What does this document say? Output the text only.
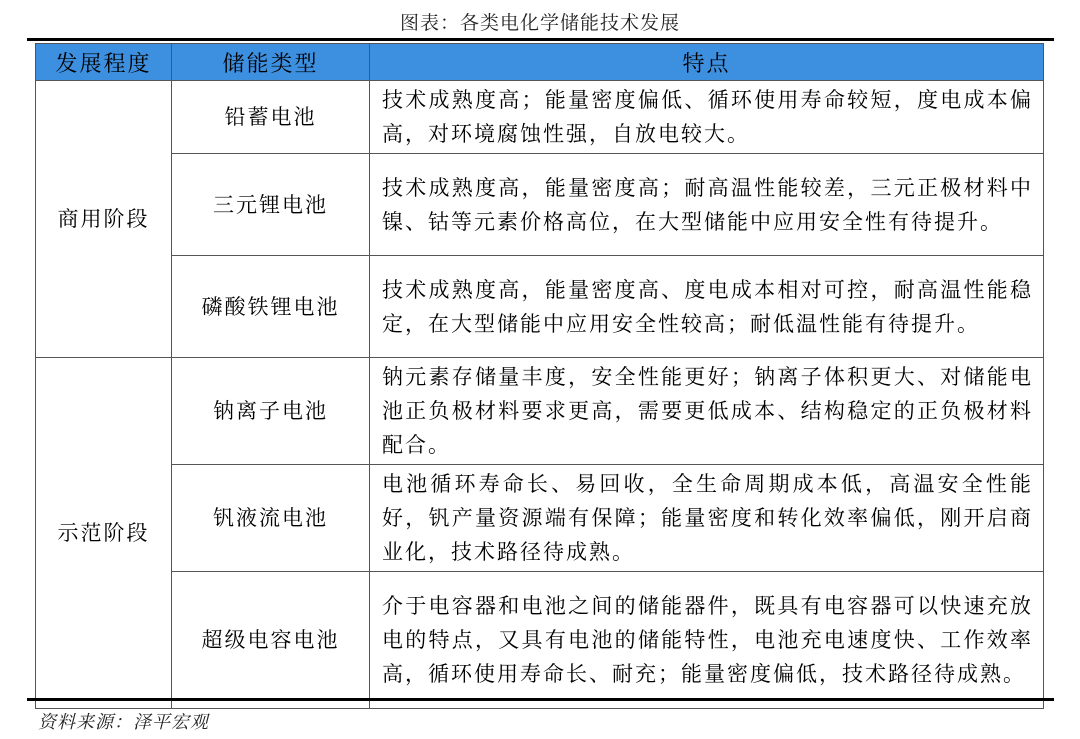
图表：各类电化学储能技术发展
发展程度	储能类型	特点
商用阶段	铅蓄电池	技术成熟度高；能量密度偏低、循环使用寿命较短，度电成本偏高，对环境腐蚀性强，自放电较大。
	三元锂电池	技术成熟度高，能量密度高；耐高温性能较差，三元正极材料中镍、钴等元素价格高位，在大型储能中应用安全性有待提升。
	磷酸铁锂电池	技术成熟度高，能量密度高、度电成本相对可控，耐高温性能稳定，在大型储能中应用安全性较高；耐低温性能有待提升。
示范阶段	钠离子电池	钠元素存储量丰度，安全性能更好；钠离子体积更大、对储能电池正负极材料要求更高，需要更低成本、结构稳定的正负极材料配合。
	钒液流电池	电池循环寿命长、易回收，全生命周期成本低，高温安全性能好，钒产量资源端有保障；能量密度和转化效率偏低，刚开启商业化，技术路径待成熟。
	超级电容电池	介于电容器和电池之间的储能器件，既具有电容器可以快速充放电的特点，又具有电池的储能特性，电池充电速度快、工作效率高，循环使用寿命长、耐充；能量密度偏低，技术路径待成熟。
资料来源：泽平宏观
